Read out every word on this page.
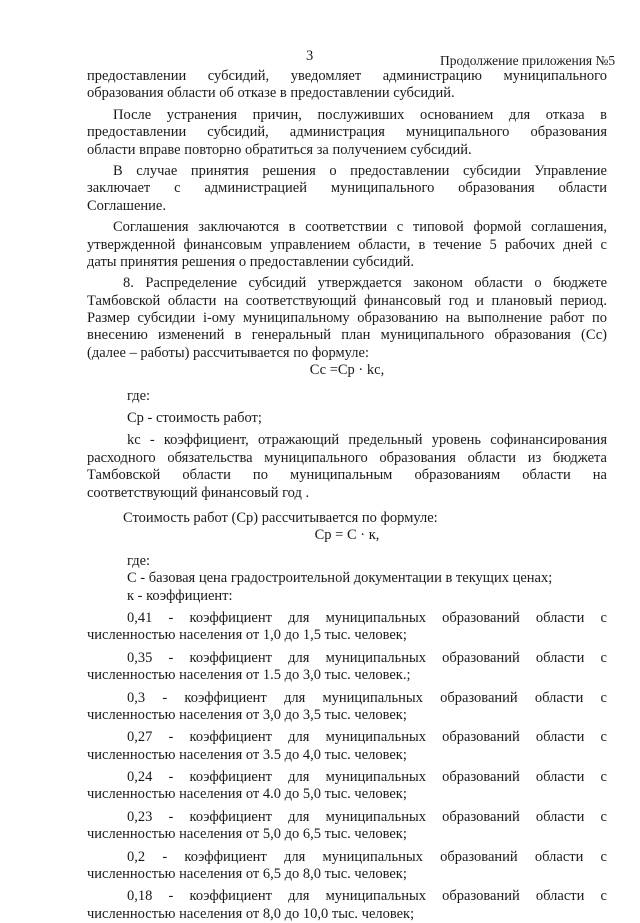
3	Продолжение приложения №5
предоставлении субсидий, уведомляет администрацию муниципального
образования области об отказе в предоставлении субсидий.
После устранения причин, послуживших основанием для отказа в
предоставлении субсидий, администрация муниципального образования
области вправе повторно обратиться за получением субсидий.
В случае принятия решения о предоставлении субсидии Управление
заключает с администрацией муниципального образования области
Соглашение.
Соглашения заключаются в соответствии с типовой формой соглашения,
утвержденной финансовым управлением области, в течение 5 рабочих дней с
даты принятия решения о предоставлении субсидий.
8. Распределение субсидий утверждается законом области о бюджете
Тамбовской области на соответствующий финансовый год и плановый период.
Размер субсидии i-ому муниципальному образованию на выполнение работ по
внесению изменений в генеральный план муниципального образования (Сс)
(далее – работы) рассчитывается по формуле:
Сс =Ср · kс,
где:
Ср - стоимость работ;
kс - коэффициент, отражающий предельный уровень софинансирования
расходного обязательства муниципального образования области из бюджета
Тамбовской области по муниципальным образованиям области на
соответствующий финансовый год .
Стоимость работ (Ср) рассчитывается по формуле:
Ср = С · к,
где:
С - базовая цена градостроительной документации в текущих ценах;
к - коэффициент:
0,41 - коэффициент для муниципальных образований области с
численностью населения от 1,0 до 1,5 тыс. человек;
0,35 - коэффициент для муниципальных образований области с
численностью населения от 1.5 до 3,0 тыс. человек.;
0,3 - коэффициент для муниципальных образований области с
численностью населения от 3,0 до 3,5 тыс. человек;
0,27 - коэффициент для муниципальных образований области с
численностью населения от 3.5 до 4,0 тыс. человек;
0,24 - коэффициент для муниципальных образований области с
численностью населения от 4.0 до 5,0 тыс. человек;
0,23 - коэффициент для муниципальных образований области с
численностью населения от 5,0 до 6,5 тыс. человек;
0,2 - коэффициент для муниципальных образований области с
численностью населения от 6,5 до 8,0 тыс. человек;
0,18 - коэффициент для муниципальных образований области с
численностью населения от 8,0 до 10,0 тыс. человек;
